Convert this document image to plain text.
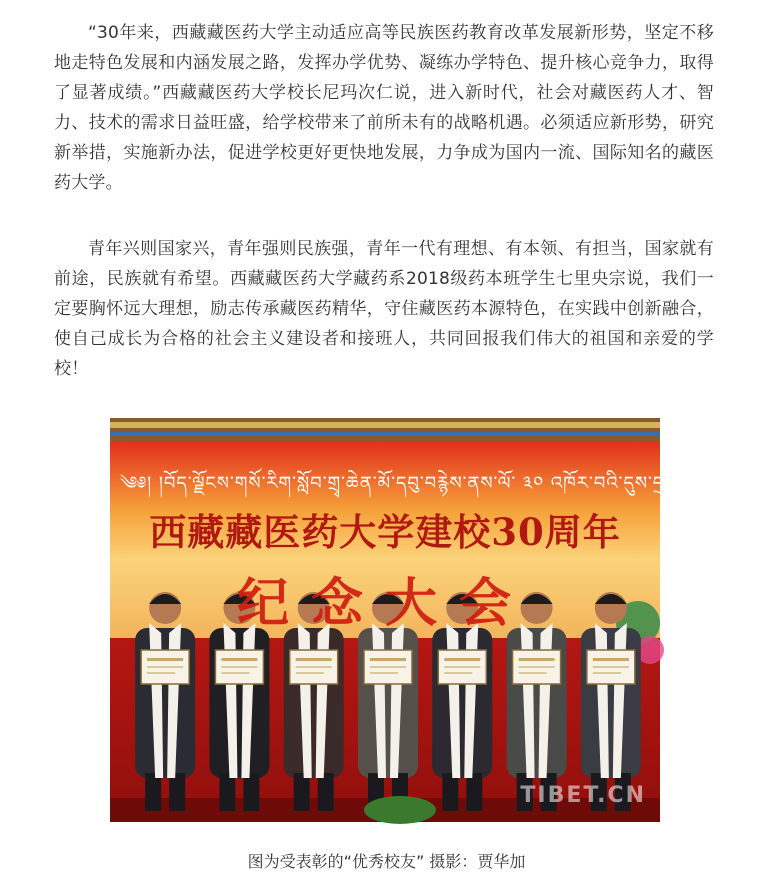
“30年来，西藏藏医药大学主动适应高等民族医药教育改革发展新形势，坚定不移地走特色发展和内涵发展之路，发挥办学优势、凝练办学特色、提升核心竞争力，取得了显著成绩。”西藏藏医药大学校长尼玛次仁说，进入新时代，社会对藏医药人才、智力、技术的需求日益旺盛，给学校带来了前所未有的战略机遇。必须适应新形势，研究新举措，实施新办法，促进学校更好更快地发展，力争成为国内一流、国际知名的藏医药大学。

青年兴则国家兴，青年强则民族强，青年一代有理想、有本领、有担当，国家就有前途，民族就有希望。西藏藏医药大学藏药系2018级药本班学生七里央宗说，我们一定要胸怀远大理想，励志传承藏医药精华，守住藏医药本源特色，在实践中创新融合，使自己成长为合格的社会主义建设者和接班人，共同回报我们伟大的祖国和亲爱的学校！

༄༅། །བོད་ལྗོངས་གསོ་རིག་སློབ་གྲྭ་ཆེན་མོ་དབུ་བརྙེས་ནས་ལོ་ ༣༠ འཁོར་བའི་དུས་དྲན་ཚོགས་ཆེན།
西藏藏医药大学建校30周年
纪念大会
TIBET.CN
图为受表彰的“优秀校友” 摄影：贾华加
